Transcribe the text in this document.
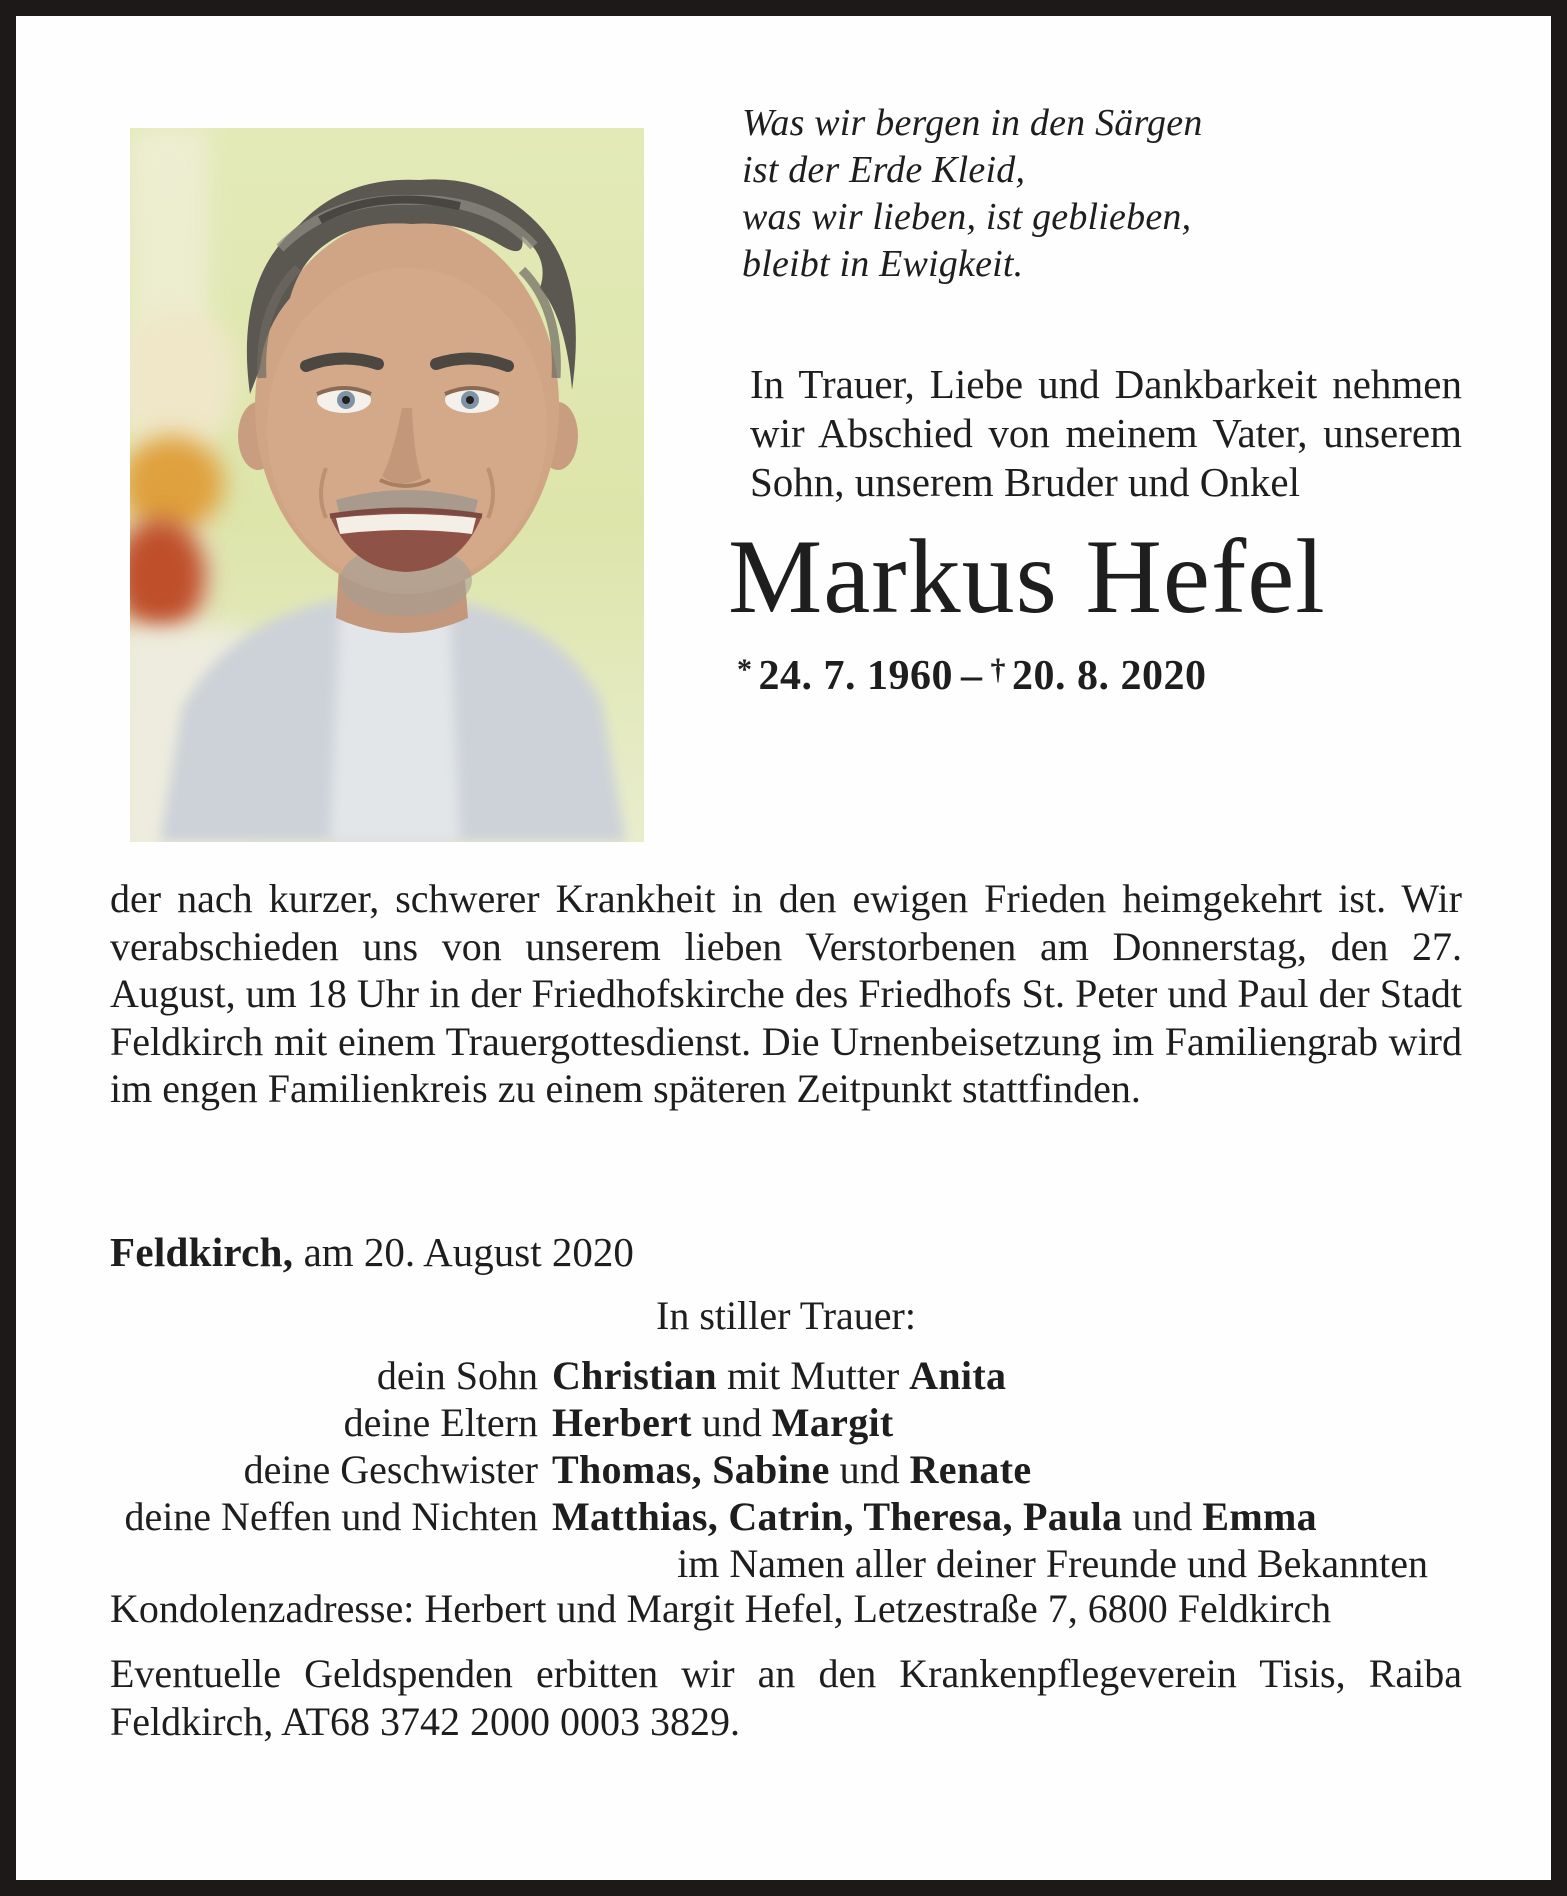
Was wir bergen in den Särgen
ist der Erde Kleid,
was wir lieben, ist geblieben,
bleibt in Ewigkeit.
In Trauer, Liebe und Dankbarkeit nehmen wir Abschied von meinem Vater, unserem Sohn, unserem Bruder und Onkel
Markus Hefel
* 24. 7. 1960 – † 20. 8. 2020
der nach kurzer, schwerer Krankheit in den ewigen Frieden heimgekehrt ist. Wir verabschieden uns von unserem lieben Verstorbenen am Donnerstag, den 27. August, um 18 Uhr in der Friedhofskirche des Friedhofs St. Peter und Paul der Stadt Feldkirch mit einem Trauergottesdienst. Die Urnenbeisetzung im Familiengrab wird im engen Familienkreis zu einem späteren Zeitpunkt stattfinden.
Feldkirch, am 20. August 2020
In stiller Trauer:
dein Sohn Christian mit Mutter Anita
deine Eltern Herbert und Margit
deine Geschwister Thomas, Sabine und Renate
deine Neffen und Nichten Matthias, Catrin, Theresa, Paula und Emma
im Namen aller deiner Freunde und Bekannten
Kondolenzadresse: Herbert und Margit Hefel, Letzestraße 7, 6800 Feldkirch
Eventuelle Geldspenden erbitten wir an den Krankenpflegeverein Tisis, Raiba Feldkirch, AT68 3742 2000 0003 3829.
